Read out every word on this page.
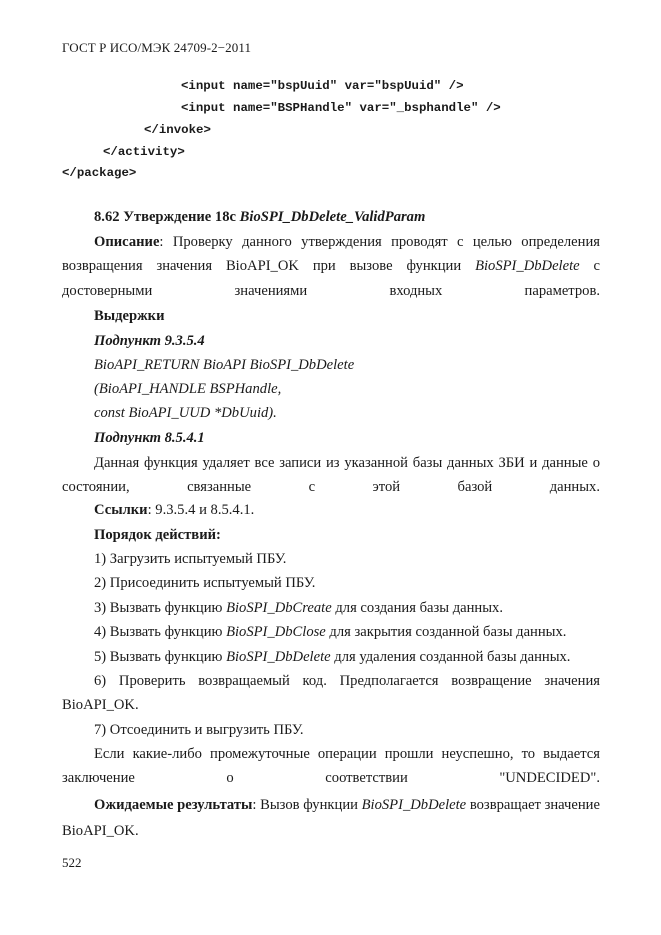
ГОСТ Р ИСО/МЭК 24709-2−2011
<input name="bspUuid" var="bspUuid" />
<input name="BSPHandle" var="_bsphandle" />
</invoke>
</activity>
</package>
8.62 Утверждение 18с BioSPI_DbDelete_ValidParam
Описание: Проверку данного утверждения проводят с целью определения возвращения значения BioAPI_OK при вызове функции BioSPI_DbDelete с достоверными значениями входных параметров.
Выдержки
Подпункт 9.3.5.4
BioAPI_RETURN BioAPI BioSPI_DbDelete
(BioAPI_HANDLE BSPHandle,
const BioAPI_UUD *DbUuid).
Подпункт 8.5.4.1
Данная функция удаляет все записи из указанной базы данных ЗБИ и данные о состоянии, связанные с этой базой данных.
Ссылки: 9.3.5.4 и 8.5.4.1.
Порядок действий:
1) Загрузить испытуемый ПБУ.
2) Присоединить испытуемый ПБУ.
3) Вызвать функцию BioSPI_DbCreate для создания базы данных.
4) Вызвать функцию BioSPI_DbClose для закрытия созданной базы данных.
5) Вызвать функцию BioSPI_DbDelete для удаления созданной базы данных.
6) Проверить возвращаемый код. Предполагается возвращение значения BioAPI_OK.
7) Отсоединить и выгрузить ПБУ.
Если какие-либо промежуточные операции прошли неуспешно, то выдается заключение о соответствии "UNDECIDED".
Ожидаемые результаты: Вызов функции BioSPI_DbDelete возвращает значение BioAPI_OK.
522
